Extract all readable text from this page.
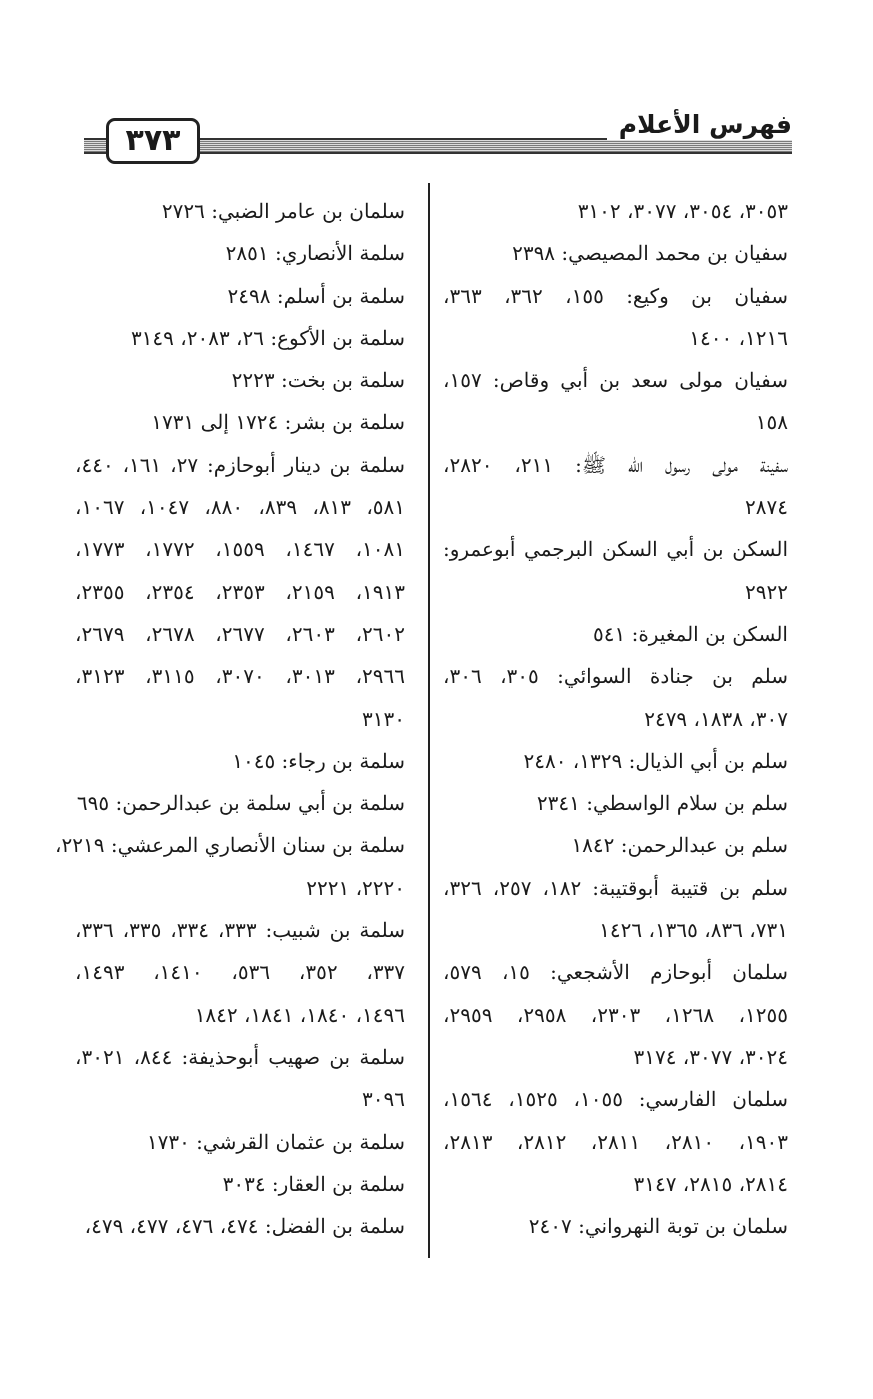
٣٧٣	فهرس الأعلام
٣٠٥٣، ٣٠٥٤، ٣٠٧٧، ٣١٠٢
سفيان بن محمد المصيصي: ٢٣٩٨
سفيان بن وكيع: ١٥٥، ٣٦٢، ٣٦٣،
١٢١٦، ١٤٠٠
سفيان مولى سعد بن أبي وقاص: ١٥٧،
١٥٨
سفينة مولى رسول الله ﷺ: ٢١١، ٢٨٢٠،
٢٨٧٤
السكن بن أبي السكن البرجمي أبوعمرو:
٢٩٢٢
السكن بن المغيرة: ٥٤١
سلم بن جنادة السوائي: ٣٠٥، ٣٠٦،
٣٠٧، ١٨٣٨، ٢٤٧٩
سلم بن أبي الذيال: ١٣٢٩، ٢٤٨٠
سلم بن سلام الواسطي: ٢٣٤١
سلم بن عبدالرحمن: ١٨٤٢
سلم بن قتيبة أبوقتيبة: ١٨٢، ٢٥٧، ٣٢٦،
٧٣١، ٨٣٦، ١٣٦٥، ١٤٢٦
سلمان أبوحازم الأشجعي: ١٥، ٥٧٩،
١٢٥٥، ١٢٦٨، ٢٣٠٣، ٢٩٥٨، ٢٩٥٩،
٣٠٢٤، ٣٠٧٧، ٣١٧٤
سلمان الفارسي: ١٠٥٥، ١٥٢٥، ١٥٦٤،
١٩٠٣، ٢٨١٠، ٢٨١١، ٢٨١٢، ٢٨١٣،
٢٨١٤، ٢٨١٥، ٣١٤٧
سلمان بن توبة النهرواني: ٢٤٠٧
سلمان بن عامر الضبي: ٢٧٢٦
سلمة الأنصاري: ٢٨٥١
سلمة بن أسلم: ٢٤٩٨
سلمة بن الأكوع: ٢٦، ٢٠٨٣، ٣١٤٩
سلمة بن بخت: ٢٢٢٣
سلمة بن بشر: ١٧٢٤ إلى ١٧٣١
سلمة بن دينار أبوحازم: ٢٧، ١٦١، ٤٤٠،
٥٨١، ٨١٣، ٨٣٩، ٨٨٠، ١٠٤٧، ١٠٦٧،
١٠٨١، ١٤٦٧، ١٥٥٩، ١٧٧٢، ١٧٧٣،
١٩١٣، ٢١٥٩، ٢٣٥٣، ٢٣٥٤، ٢٣٥٥،
٢٦٠٢، ٢٦٠٣، ٢٦٧٧، ٢٦٧٨، ٢٦٧٩،
٢٩٦٦، ٣٠١٣، ٣٠٧٠، ٣١١٥، ٣١٢٣،
٣١٣٠
سلمة بن رجاء: ١٠٤٥
سلمة بن أبي سلمة بن عبدالرحمن: ٦٩٥
سلمة بن سنان الأنصاري المرعشي: ٢٢١٩،
٢٢٢٠، ٢٢٢١
سلمة بن شبيب: ٣٣٣، ٣٣٤، ٣٣٥، ٣٣٦،
٣٣٧، ٣٥٢، ٥٣٦، ١٤١٠، ١٤٩٣،
١٤٩٦، ١٨٤٠، ١٨٤١، ١٨٤٢
سلمة بن صهيب أبوحذيفة: ٨٤٤، ٣٠٢١،
٣٠٩٦
سلمة بن عثمان القرشي: ١٧٣٠
سلمة بن العقار: ٣٠٣٤
سلمة بن الفضل: ٤٧٤، ٤٧٦، ٤٧٧، ٤٧٩،
